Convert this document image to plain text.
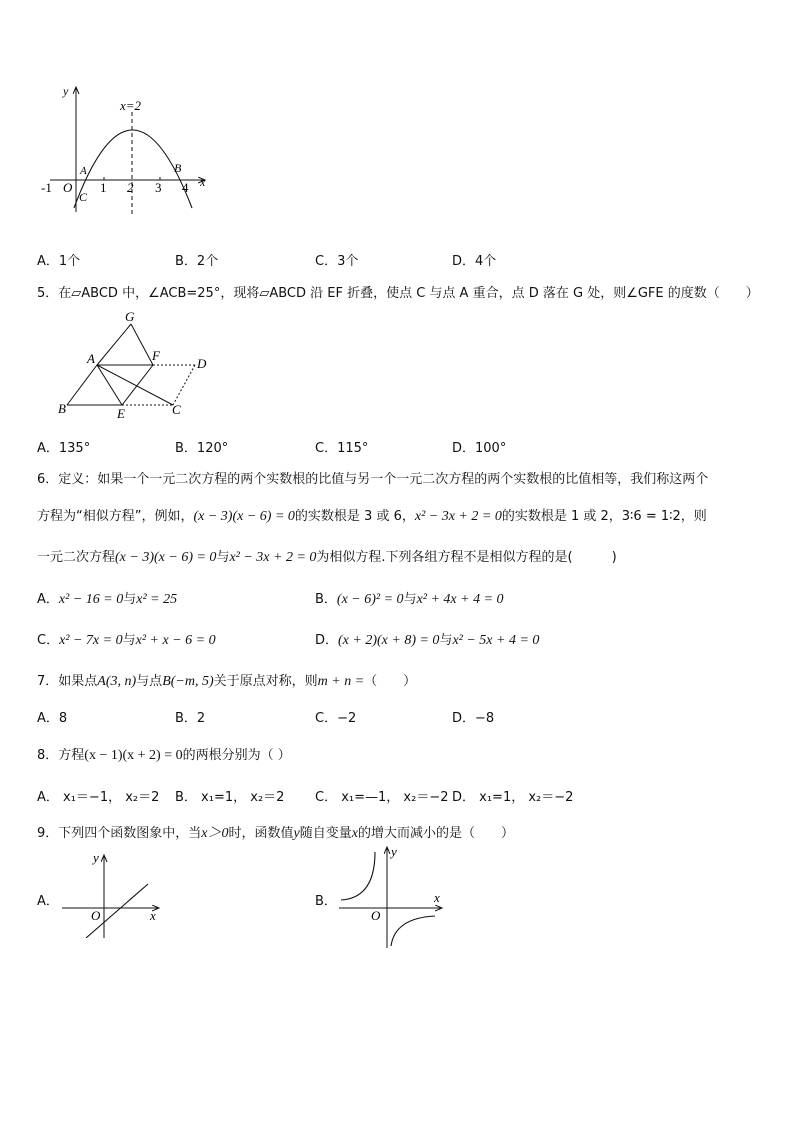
y
x
x=2
-1 O 1 2 3 4
A	B
C
A．1个	B．2个	C．3个	D．4个
5．在▱ABCD 中，∠ACB=25°，现将▱ABCD 沿 EF 折叠，使点 C 与点 A 重合，点 D 落在 G 处，则∠GFE 的度数（　　）
G
A	F
D
B	E	C
A．135°	B．120°	C．115°	D．100°
6．定义：如果一个一元二次方程的两个实数根的比值与另一个一元二次方程的两个实数根的比值相等，我们称这两个
方程为“相似方程”，例如，(x − 3)(x − 6) = 0的实数根是 3 或 6，x² − 3x + 2 = 0的实数根是 1 或 2，3∶6 = 1∶2，则
一元二次方程(x − 3)(x − 6) = 0与x² − 3x + 2 = 0为相似方程.下列各组方程不是相似方程的是(　　　)
A．x² − 16 = 0与x² = 25	B．(x − 6)² = 0与x² + 4x + 4 = 0
C．x² − 7x = 0与x² + x − 6 = 0	D．(x + 2)(x + 8) = 0与x² − 5x + 4 = 0
7．如果点A(3, n)与点B(−m, 5)关于原点对称，则m + n =（　　）
A．8	B．2	C．−2	D．−8
8．方程(x − 1)(x + 2) = 0的两根分别为（ ）
A． x₁＝−1， x₂＝2 B． x₁=1， x₂＝2 C． x₁=—1， x₂＝−2 D． x₁=1， x₂＝−2
9．下列四个函数图象中，当x＞0时，函数值y随自变量x的增大而减小的是（　　）
A．
y
x
O
B．
y
x
O
